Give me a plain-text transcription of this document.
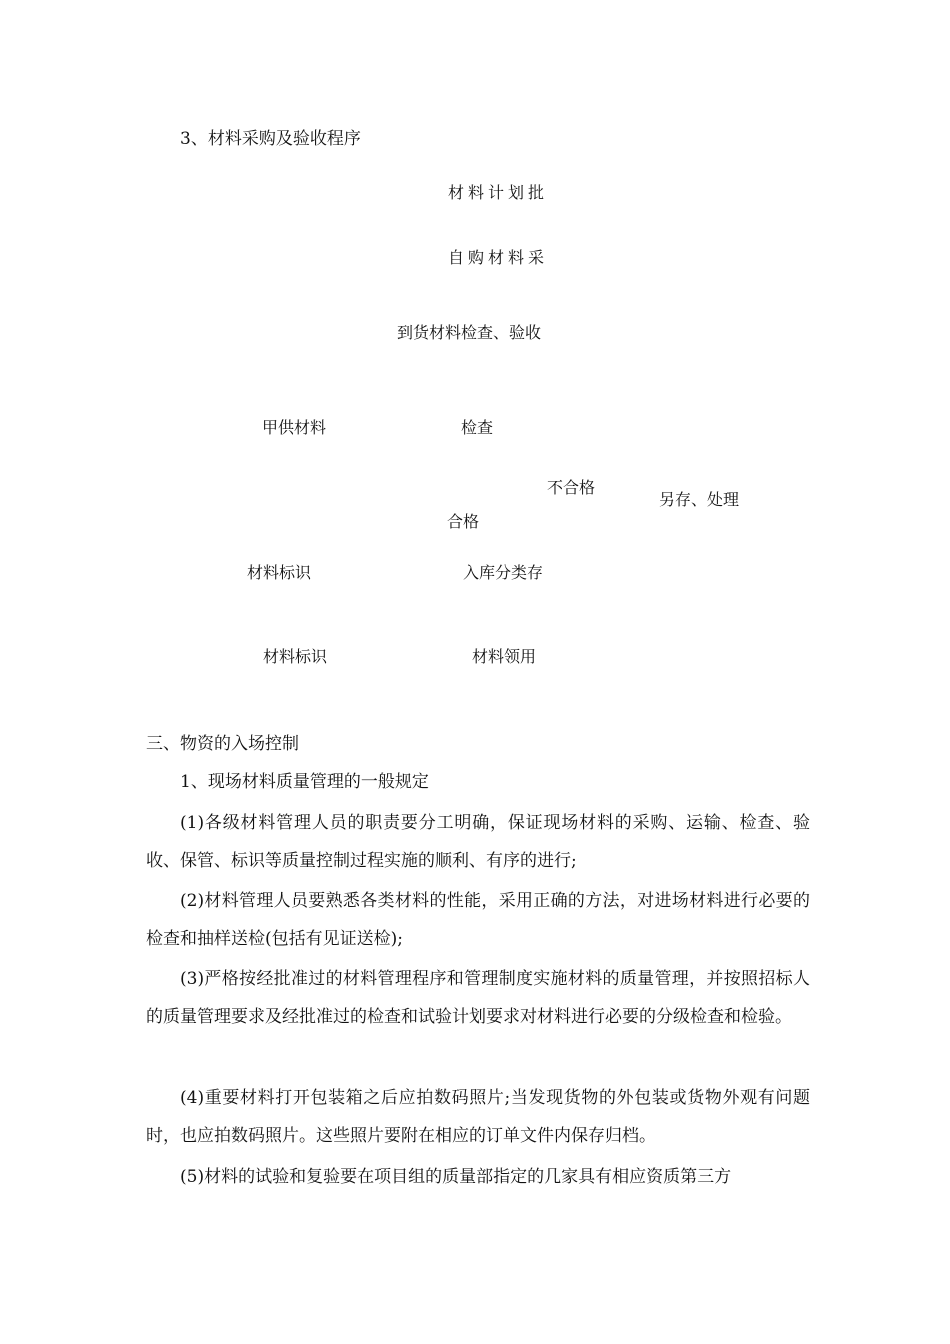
3、材料采购及验收程序
材料计划批
自购材料采
到货材料检查、验收
甲供材料	检查
不合格
另存、处理
合格
材料标识	入库分类存
材料标识	材料领用
三、物资的入场控制
1、现场材料质量管理的一般规定
(1)各级材料管理人员的职责要分工明确，保证现场材料的采购、运输、检查、验收、保管、标识等质量控制过程实施的顺利、有序的进行;
(2)材料管理人员要熟悉各类材料的性能，采用正确的方法，对进场材料进行必要的检查和抽样送检(包括有见证送检);
(3)严格按经批准过的材料管理程序和管理制度实施材料的质量管理，并按照招标人的质量管理要求及经批准过的检查和试验计划要求对材料进行必要的分级检查和检验。
(4)重要材料打开包装箱之后应拍数码照片;当发现货物的外包装或货物外观有问题时，也应拍数码照片。这些照片要附在相应的订单文件内保存归档。
(5)材料的试验和复验要在项目组的质量部指定的几家具有相应资质第三方
